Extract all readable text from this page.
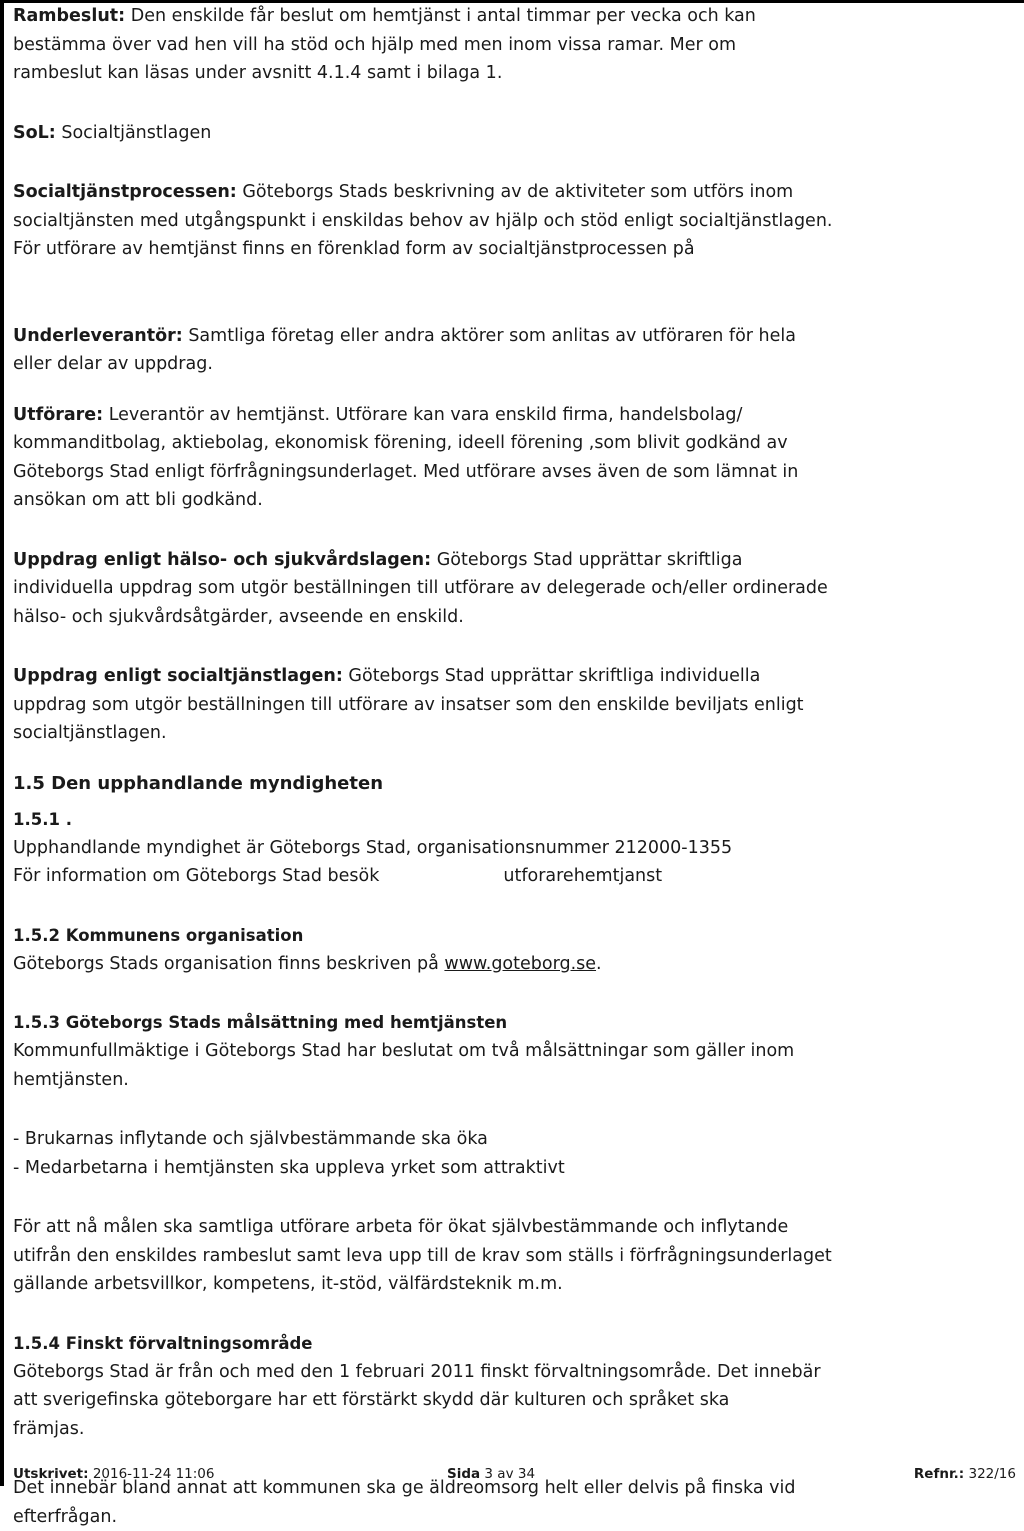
Rambeslut: Den enskilde får beslut om hemtjänst i antal timmar per vecka och kan

bestämma över vad hen vill ha stöd och hjälp med men inom vissa ramar. Mer om

rambeslut kan läsas under avsnitt 4.1.4 samt i bilaga 1.

SoL: Socialtjänstlagen

Socialtjänstprocessen: Göteborgs Stads beskrivning av de aktiviteter som utförs inom

socialtjänsten med utgångspunkt i enskildas behov av hjälp och stöd enligt socialtjänstlagen.

För utförare av hemtjänst finns en förenklad form av socialtjänstprocessen på

Underleverantör: Samtliga företag eller andra aktörer som anlitas av utföraren för hela

eller delar av uppdrag.

Utförare: Leverantör av hemtjänst. Utförare kan vara enskild firma, handelsbolag/

kommanditbolag, aktiebolag, ekonomisk förening, ideell förening ,som blivit godkänd av

Göteborgs Stad enligt förfrågningsunderlaget. Med utförare avses även de som lämnat in

ansökan om att bli godkänd.

Uppdrag enligt hälso- och sjukvårdslagen: Göteborgs Stad upprättar skriftliga

individuella uppdrag som utgör beställningen till utförare av delegerade och/eller ordinerade

hälso- och sjukvårdsåtgärder, avseende en enskild.

Uppdrag enligt socialtjänstlagen: Göteborgs Stad upprättar skriftliga individuella

uppdrag som utgör beställningen till utförare av insatser som den enskilde beviljats enligt

socialtjänstlagen.

1.5 Den upphandlande myndigheten

1.5.1 .

Upphandlande myndighet är Göteborgs Stad, organisationsnummer 212000-1355

För information om Göteborgs Stad besök	utforarehemtjanst

1.5.2 Kommunens organisation

Göteborgs Stads organisation finns beskriven på www.goteborg.se.

1.5.3 Göteborgs Stads målsättning med hemtjänsten

Kommunfullmäktige i Göteborgs Stad har beslutat om två målsättningar som gäller inom

hemtjänsten.

- Brukarnas inflytande och självbestämmande ska öka

- Medarbetarna i hemtjänsten ska uppleva yrket som attraktivt

För att nå målen ska samtliga utförare arbeta för ökat självbestämmande och inflytande

utifrån den enskildes rambeslut samt leva upp till de krav som ställs i förfrågningsunderlaget

gällande arbetsvillkor, kompetens, it-stöd, välfärdsteknik m.m.

1.5.4 Finskt förvaltningsområde

Göteborgs Stad är från och med den 1 februari 2011 finskt förvaltningsområde. Det innebär

att sverigefinska göteborgare har ett förstärkt skydd där kulturen och språket ska

främjas.

Det innebär bland annat att kommunen ska ge äldreomsorg helt eller delvis på finska vid

efterfrågan.

Utskrivet: 2016-11-24 11:06	Sida 3 av 34	Refnr.: 322/16
